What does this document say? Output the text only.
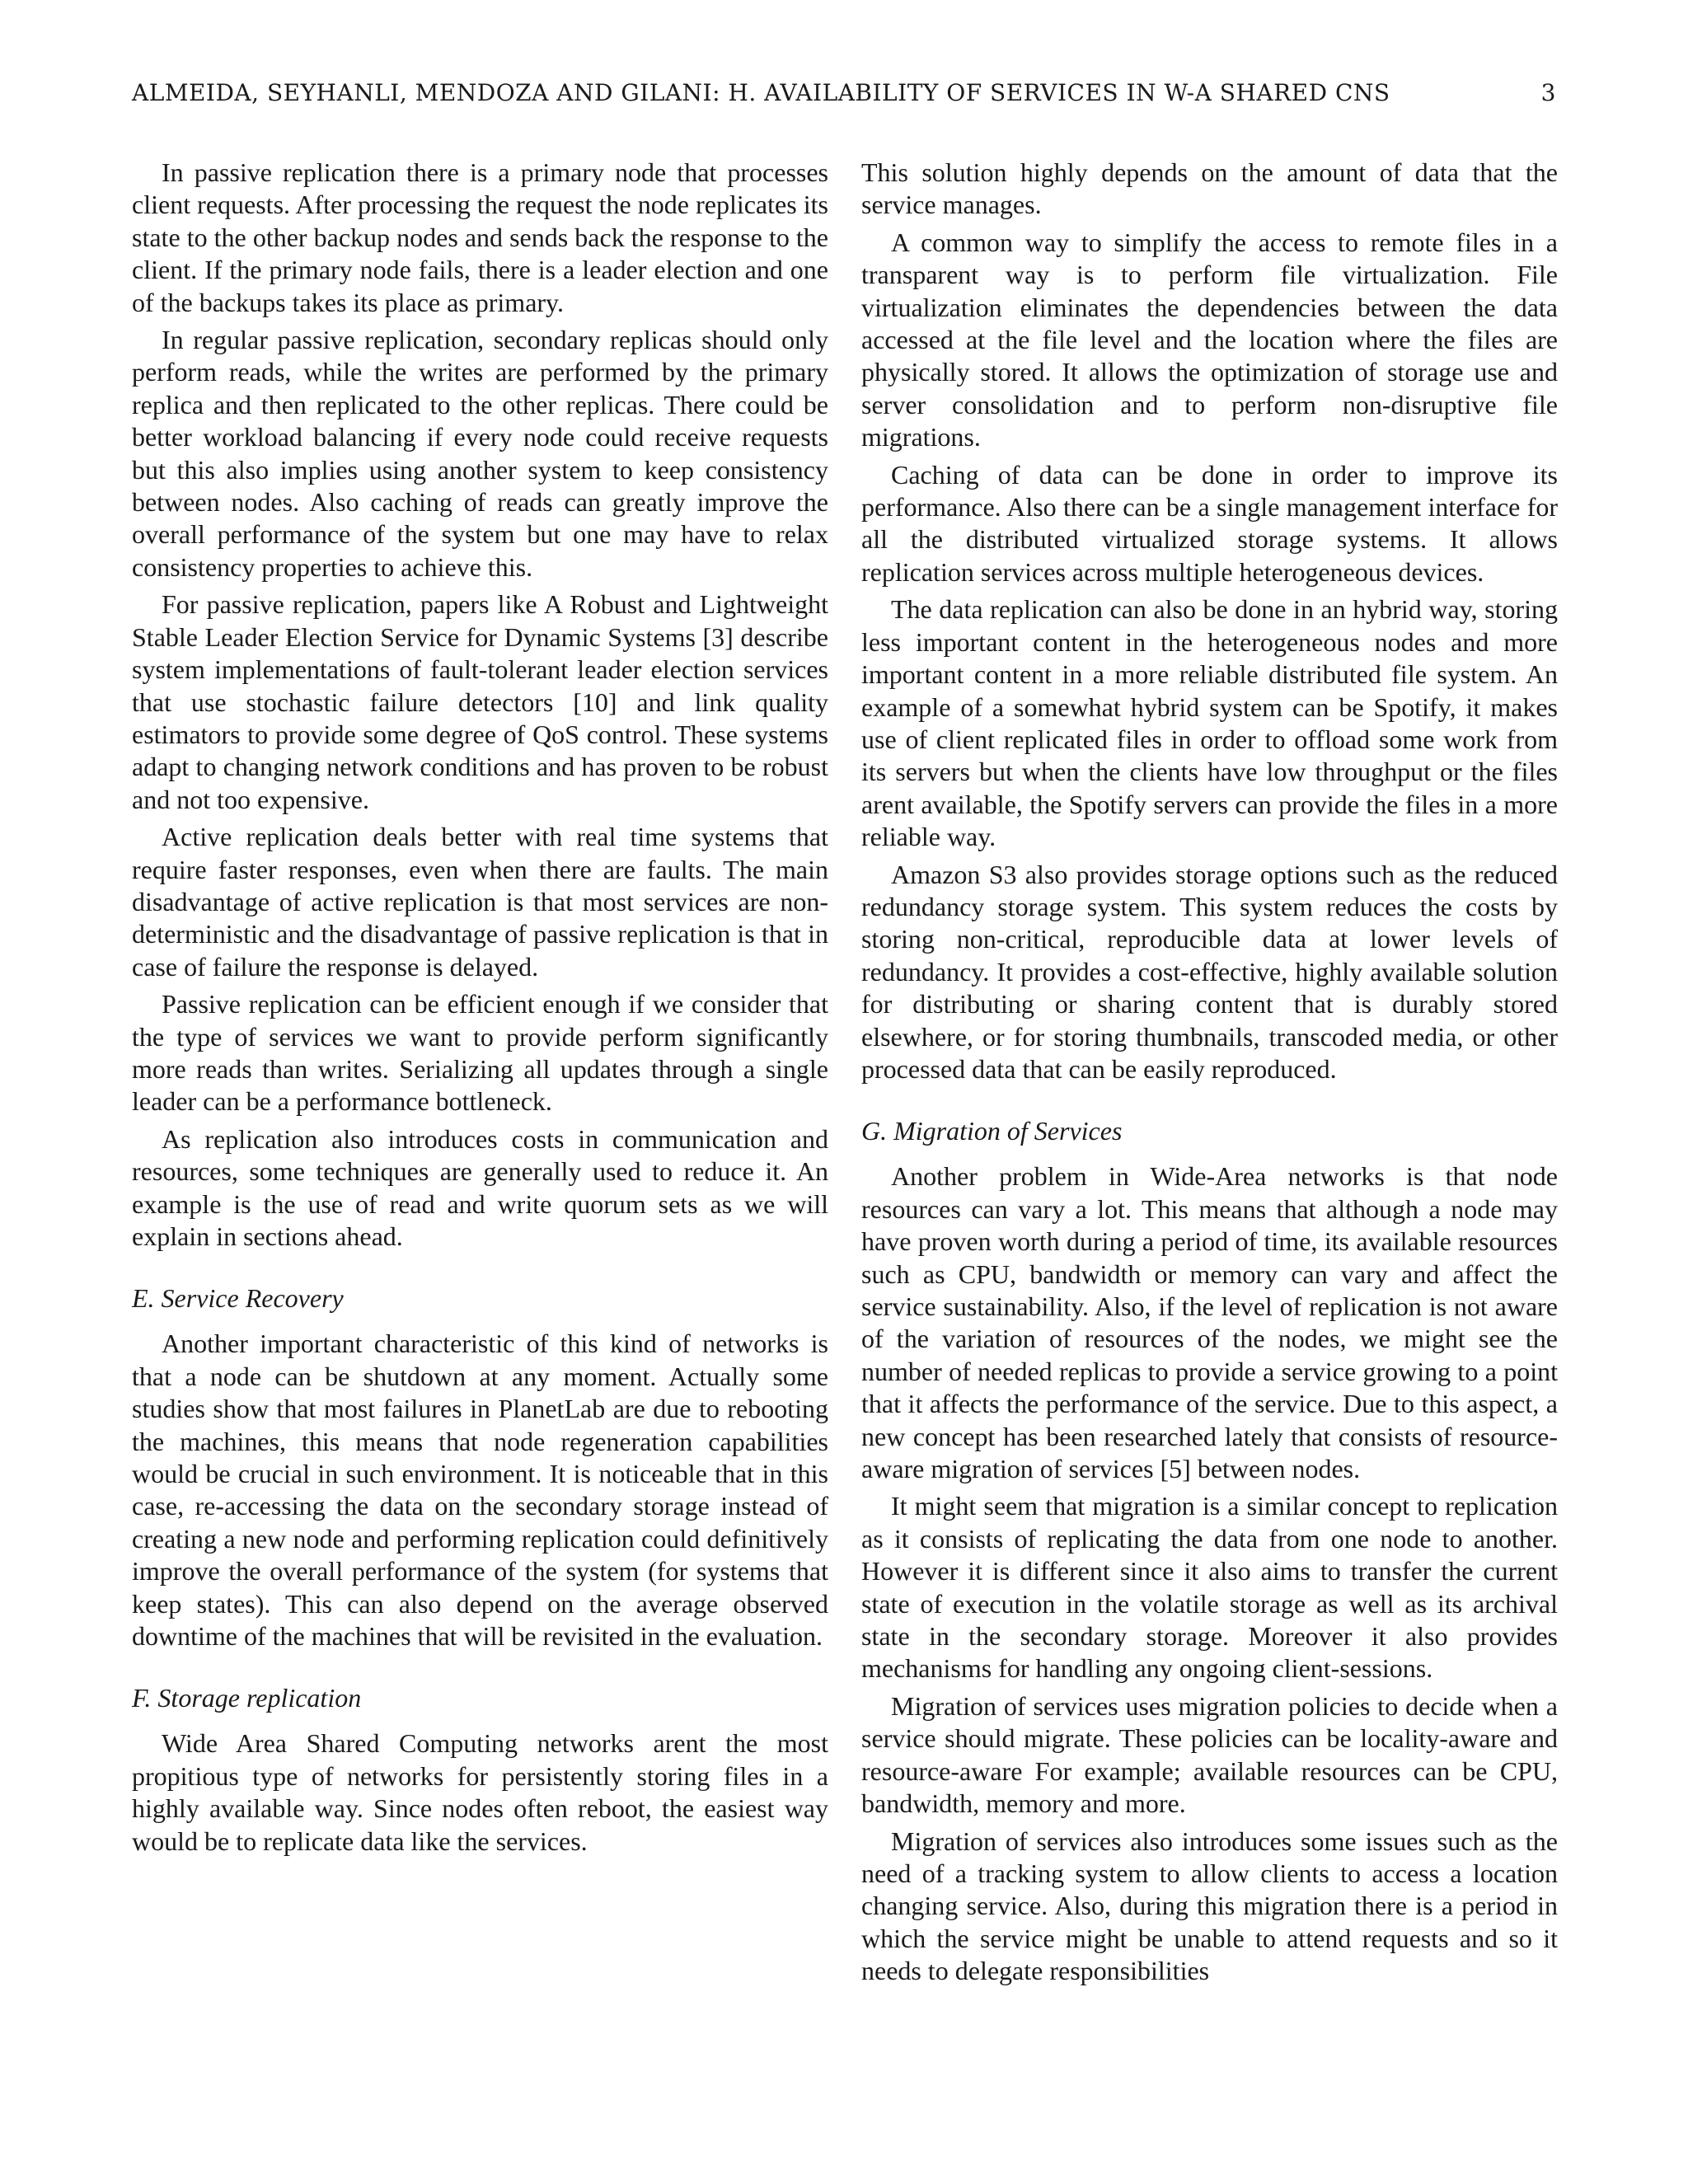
ALMEIDA, SEYHANLI, MENDOZA AND GILANI: H. AVAILABILITY OF SERVICES IN W-A SHARED CNS	3

In passive replication there is a primary node that processes client requests. After processing the request the node replicates its state to the other backup nodes and sends back the response to the client. If the primary node fails, there is a leader election and one of the backups takes its place as primary.

In regular passive replication, secondary replicas should only perform reads, while the writes are performed by the primary replica and then replicated to the other replicas. There could be better workload balancing if every node could receive requests but this also implies using another system to keep consistency between nodes. Also caching of reads can greatly improve the overall performance of the system but one may have to relax consistency properties to achieve this.

For passive replication, papers like A Robust and Lightweight Stable Leader Election Service for Dynamic Systems [3] describe system implementations of fault-tolerant leader election services that use stochastic failure detectors [10] and link quality estimators to provide some degree of QoS control. These systems adapt to changing network conditions and has proven to be robust and not too expensive.

Active replication deals better with real time systems that require faster responses, even when there are faults. The main disadvantage of active replication is that most services are non-deterministic and the disadvantage of passive replication is that in case of failure the response is delayed.

Passive replication can be efficient enough if we consider that the type of services we want to provide perform significantly more reads than writes. Serializing all updates through a single leader can be a performance bottleneck.

As replication also introduces costs in communication and resources, some techniques are generally used to reduce it. An example is the use of read and write quorum sets as we will explain in sections ahead.

E. Service Recovery

Another important characteristic of this kind of networks is that a node can be shutdown at any moment. Actually some studies show that most failures in PlanetLab are due to rebooting the machines, this means that node regeneration capabilities would be crucial in such environment. It is noticeable that in this case, re-accessing the data on the secondary storage instead of creating a new node and performing replication could definitively improve the overall performance of the system (for systems that keep states). This can also depend on the average observed downtime of the machines that will be revisited in the evaluation.

F. Storage replication

Wide Area Shared Computing networks arent the most propitious type of networks for persistently storing files in a highly available way. Since nodes often reboot, the easiest way would be to replicate data like the services.

This solution highly depends on the amount of data that the service manages.

A common way to simplify the access to remote files in a transparent way is to perform file virtualization. File virtualization eliminates the dependencies between the data accessed at the file level and the location where the files are physically stored. It allows the optimization of storage use and server consolidation and to perform non-disruptive file migrations.

Caching of data can be done in order to improve its performance. Also there can be a single management interface for all the distributed virtualized storage systems. It allows replication services across multiple heterogeneous devices.

The data replication can also be done in an hybrid way, storing less important content in the heterogeneous nodes and more important content in a more reliable distributed file system. An example of a somewhat hybrid system can be Spotify, it makes use of client replicated files in order to offload some work from its servers but when the clients have low throughput or the files arent available, the Spotify servers can provide the files in a more reliable way.

Amazon S3 also provides storage options such as the reduced redundancy storage system. This system reduces the costs by storing non-critical, reproducible data at lower levels of redundancy. It provides a cost-effective, highly available solution for distributing or sharing content that is durably stored elsewhere, or for storing thumbnails, transcoded media, or other processed data that can be easily reproduced.

G. Migration of Services

Another problem in Wide-Area networks is that node resources can vary a lot. This means that although a node may have proven worth during a period of time, its available resources such as CPU, bandwidth or memory can vary and affect the service sustainability. Also, if the level of replication is not aware of the variation of resources of the nodes, we might see the number of needed replicas to provide a service growing to a point that it affects the performance of the service. Due to this aspect, a new concept has been researched lately that consists of resource-aware migration of services [5] between nodes.

It might seem that migration is a similar concept to replication as it consists of replicating the data from one node to another. However it is different since it also aims to transfer the current state of execution in the volatile storage as well as its archival state in the secondary storage. Moreover it also provides mechanisms for handling any ongoing client-sessions.

Migration of services uses migration policies to decide when a service should migrate. These policies can be locality-aware and resource-aware For example; available resources can be CPU, bandwidth, memory and more.

Migration of services also introduces some issues such as the need of a tracking system to allow clients to access a location changing service. Also, during this migration there is a period in which the service might be unable to attend requests and so it needs to delegate responsibilities
